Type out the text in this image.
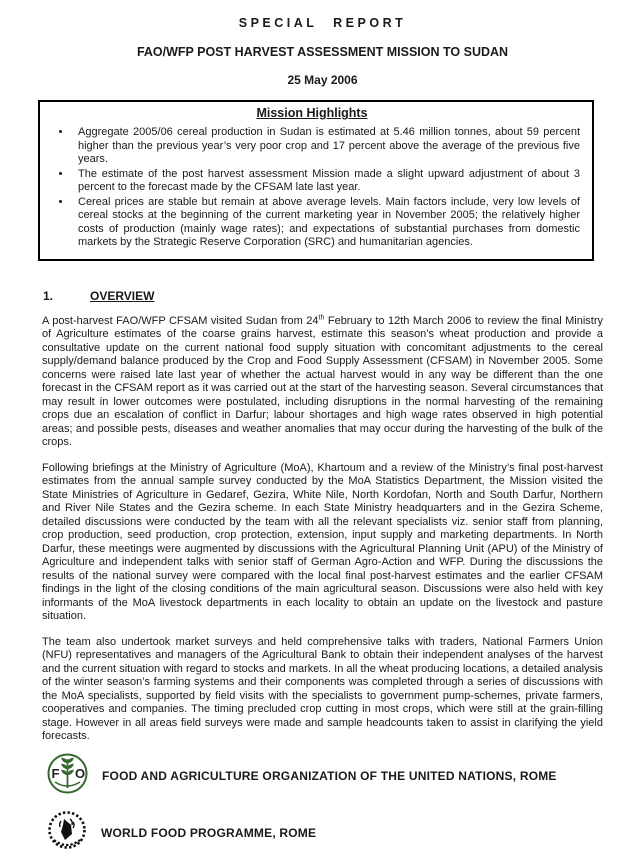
SPECIAL REPORT
FAO/WFP POST HARVEST ASSESSMENT MISSION TO SUDAN
25 May 2006
Mission Highlights
• Aggregate 2005/06 cereal production in Sudan is estimated at 5.46 million tonnes, about 59 percent higher than the previous year’s very poor crop and 17 percent above the average of the previous five years.
• The estimate of the post harvest assessment Mission made a slight upward adjustment of about 3 percent to the forecast made by the CFSAM late last year.
• Cereal prices are stable but remain at above average levels. Main factors include, very low levels of cereal stocks at the beginning of the current marketing year in November 2005; the relatively higher costs of production (mainly wage rates); and expectations of substantial purchases from domestic markets by the Strategic Reserve Corporation (SRC) and humanitarian agencies.
1.	OVERVIEW

A post-harvest FAO/WFP CFSAM visited Sudan from 24th February to 12th March 2006 to review the final Ministry of Agriculture estimates of the coarse grains harvest, estimate this season’s wheat production and provide a consultative update on the current national food supply situation with concomitant adjustments to the cereal supply/demand balance produced by the Crop and Food Supply Assessment (CFSAM) in November 2005. Some concerns were raised late last year of whether the actual harvest would in any way be different than the one forecast in the CFSAM report as it was carried out at the start of the harvesting season. Several circumstances that may result in lower outcomes were postulated, including disruptions in the normal harvesting of the remaining crops due an escalation of conflict in Darfur; labour shortages and high wage rates observed in high potential areas; and possible pests, diseases and weather anomalies that may occur during the harvesting of the bulk of the crops.

Following briefings at the Ministry of Agriculture (MoA), Khartoum and a review of the Ministry’s final post-harvest estimates from the annual sample survey conducted by the MoA Statistics Department, the Mission visited the State Ministries of Agriculture in Gedaref, Gezira, White Nile, North Kordofan, North and South Darfur, Northern and River Nile States and the Gezira scheme. In each State Ministry headquarters and in the Gezira Scheme, detailed discussions were conducted by the team with all the relevant specialists viz. senior staff from planning, crop production, seed production, crop protection, extension, input supply and marketing departments. In North Darfur, these meetings were augmented by discussions with the Agricultural Planning Unit (APU) of the Ministry of Agriculture and independent talks with senior staff of German Agro-Action and WFP. During the discussions the results of the national survey were compared with the local final post-harvest estimates and the earlier CFSAM findings in the light of the closing conditions of the main agricultural season. Discussions were also held with key informants of the MoA livestock departments in each locality to obtain an update on the livestock and pasture situation.

The team also undertook market surveys and held comprehensive talks with traders, National Farmers Union (NFU) representatives and managers of the Agricultural Bank to obtain their independent analyses of the harvest and the current situation with regard to stocks and markets. In all the wheat producing locations, a detailed analysis of the winter season’s farming systems and their components was completed through a series of discussions with the MoA specialists, supported by field visits with the specialists to government pump-schemes, private farmers, cooperatives and companies. The timing precluded crop cutting in most crops, which were still at the grain-filling stage. However in all areas field surveys were made and sample headcounts taken to assist in clarifying the yield forecasts.

F O FOOD AND AGRICULTURE ORGANIZATION OF THE UNITED NATIONS, ROME
WORLD FOOD PROGRAMME, ROME
